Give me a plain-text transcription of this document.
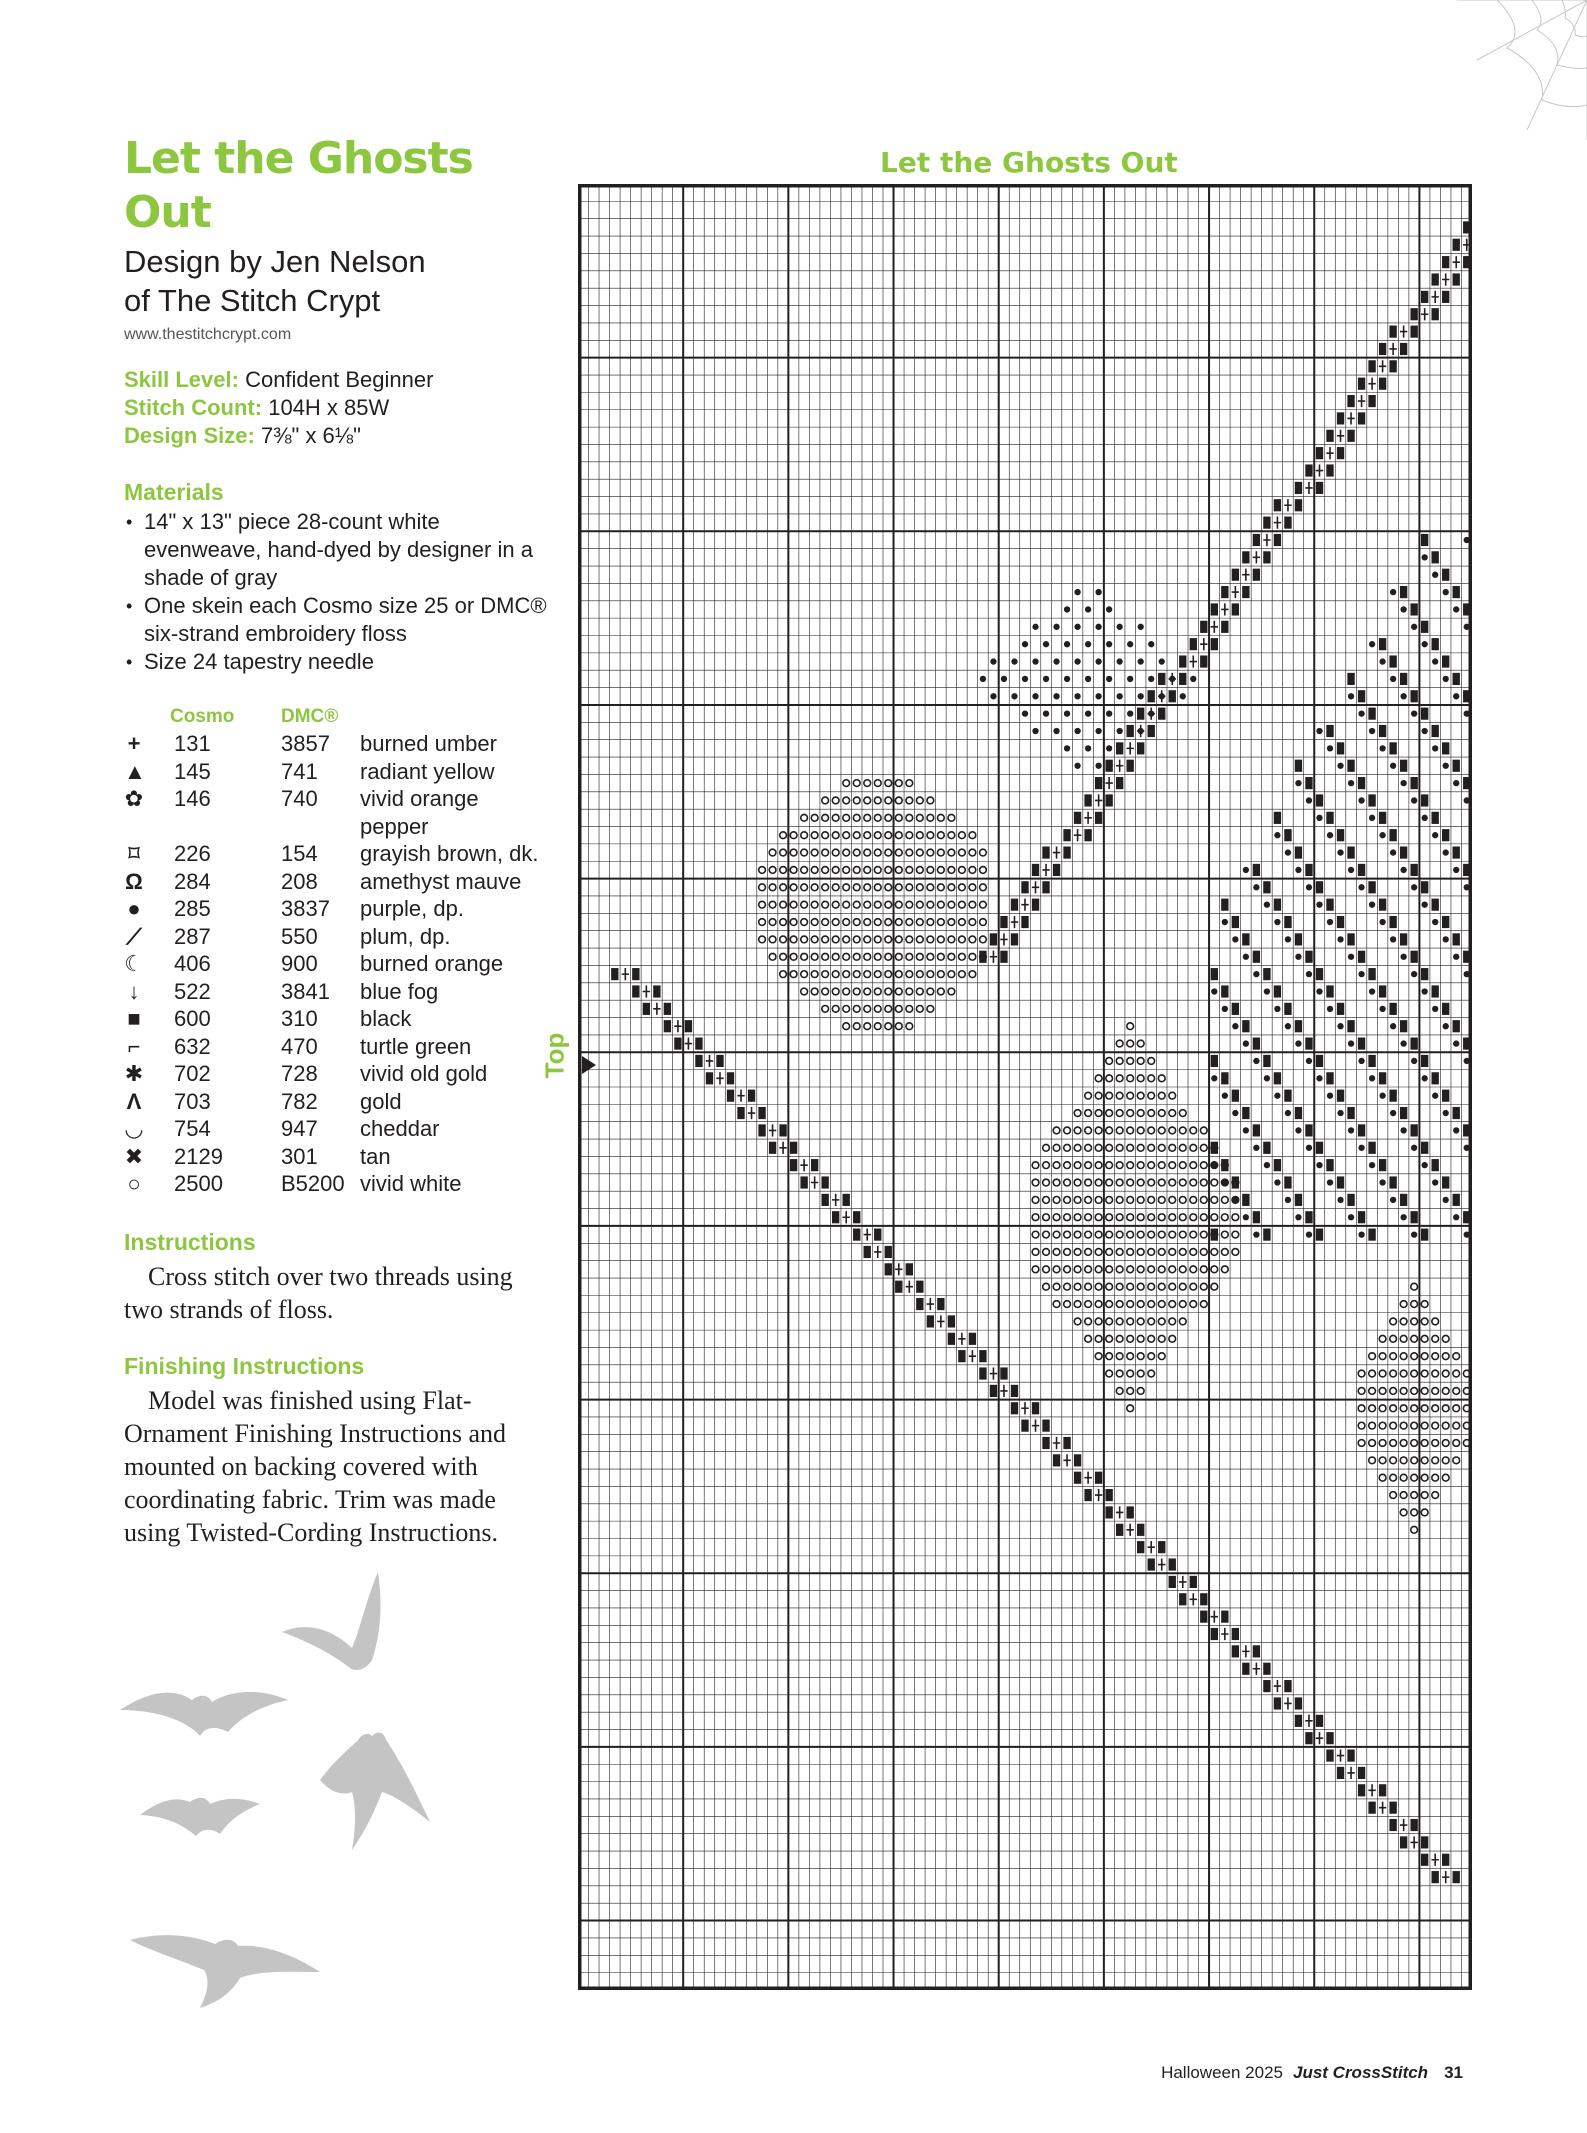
Let the Ghosts Out
Design by Jen Nelson
of The Stitch Crypt
www.thestitchcrypt.com
Skill Level: Confident Beginner
Stitch Count: 104H x 85W
Design Size: 7⅜" x 6⅛"
Materials
• 14" x 13" piece 28-count white evenweave, hand-dyed by designer in a shade of gray
• One skein each Cosmo size 25 or DMC® six-strand embroidery floss
• Size 24 tapestry needle
Cosmo DMC®
+ 131	3857 burned umber
▲ 145	741 radiant yellow
✿ 146	740 vivid orange
pepper
⌑ 226	154 grayish brown, dk.
Ω 284	208 amethyst mauve
● 285	3837 purple, dp.
⟋ 287	550 plum, dp.
☾ 406	900 burned orange
↓ 522	3841 blue fog
■ 600	310 black
⌐ 632	470 turtle green
✱ 702	728 vivid old gold
Λ 703	782 gold
◡ 754	947 cheddar
✖ 2129	301 tan
○ 2500	B5200 vivid white
Instructions
Cross stitch over two threads using two strands of floss.
Finishing Instructions
Model was finished using Flat-Ornament Finishing Instructions and mounted on backing covered with coordinating fabric. Trim was made using Twisted-Cording Instructions.
Let the Ghosts Out
Top
Halloween 2025 Just CrossStitch 31
